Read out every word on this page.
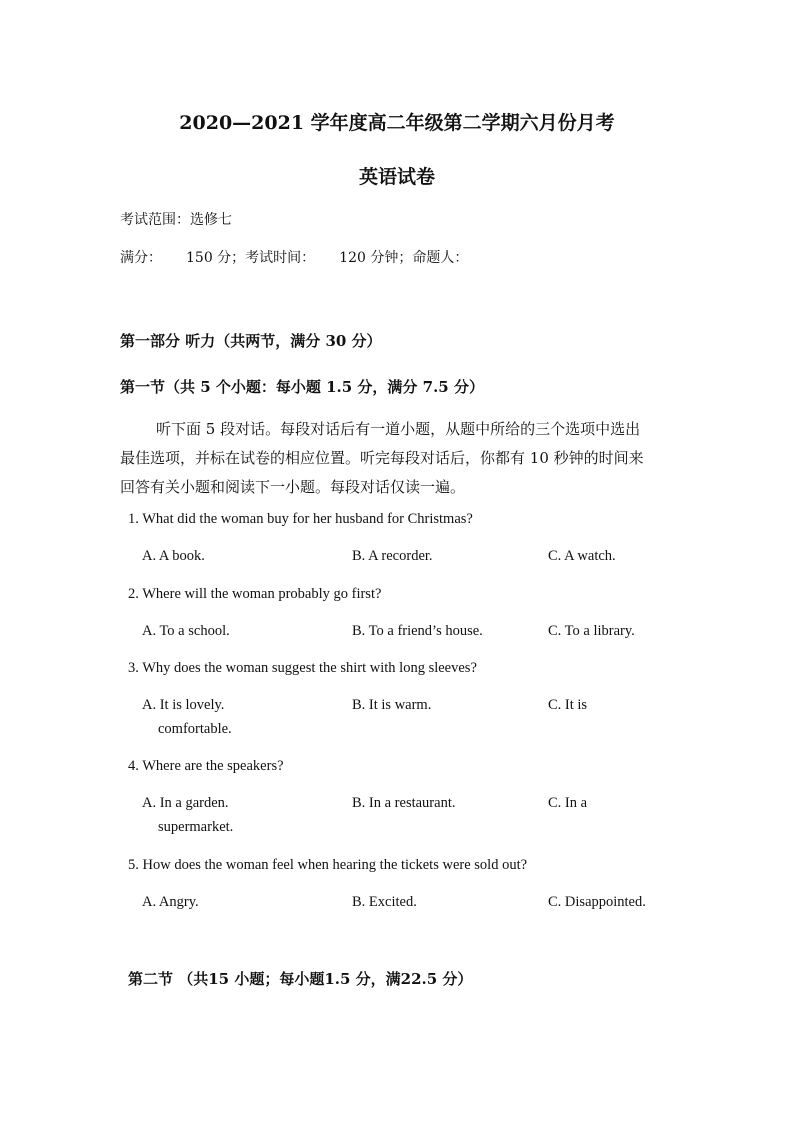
2020—2021 学年度高二年级第二学期六月份月考
英语试卷
考试范围：选修七
满分： 150 分；考试时间： 120 分钟；命题人：
第一部分 听力（共两节，满分 30 分）
第一节（共 5 个小题：每小题 1.5 分，满分 7.5 分）
听下面 5 段对话。每段对话后有一道小题，从题中所给的三个选项中选出
最佳选项，并标在试卷的相应位置。听完每段对话后，你都有 10 秒钟的时间来
回答有关小题和阅读下一小题。每段对话仅读一遍。
1. What did the woman buy for her husband for Christmas?
A. A book.	B. A recorder.	C. A watch.
2. Where will the woman probably go first?
A. To a school.	B. To a friend’s house.	C. To a library.
3. Why does the woman suggest the shirt with long sleeves?
A. It is lovely.	B. It is warm.	C. It is
comfortable.
4. Where are the speakers?
A. In a garden.	B. In a restaurant.	C. In a
supermarket.
5. How does the woman feel when hearing the tickets were sold out?
A. Angry.	B. Excited.	C. Disappointed.
第二节 （共15 小题；每小题1.5 分，满22.5 分）
